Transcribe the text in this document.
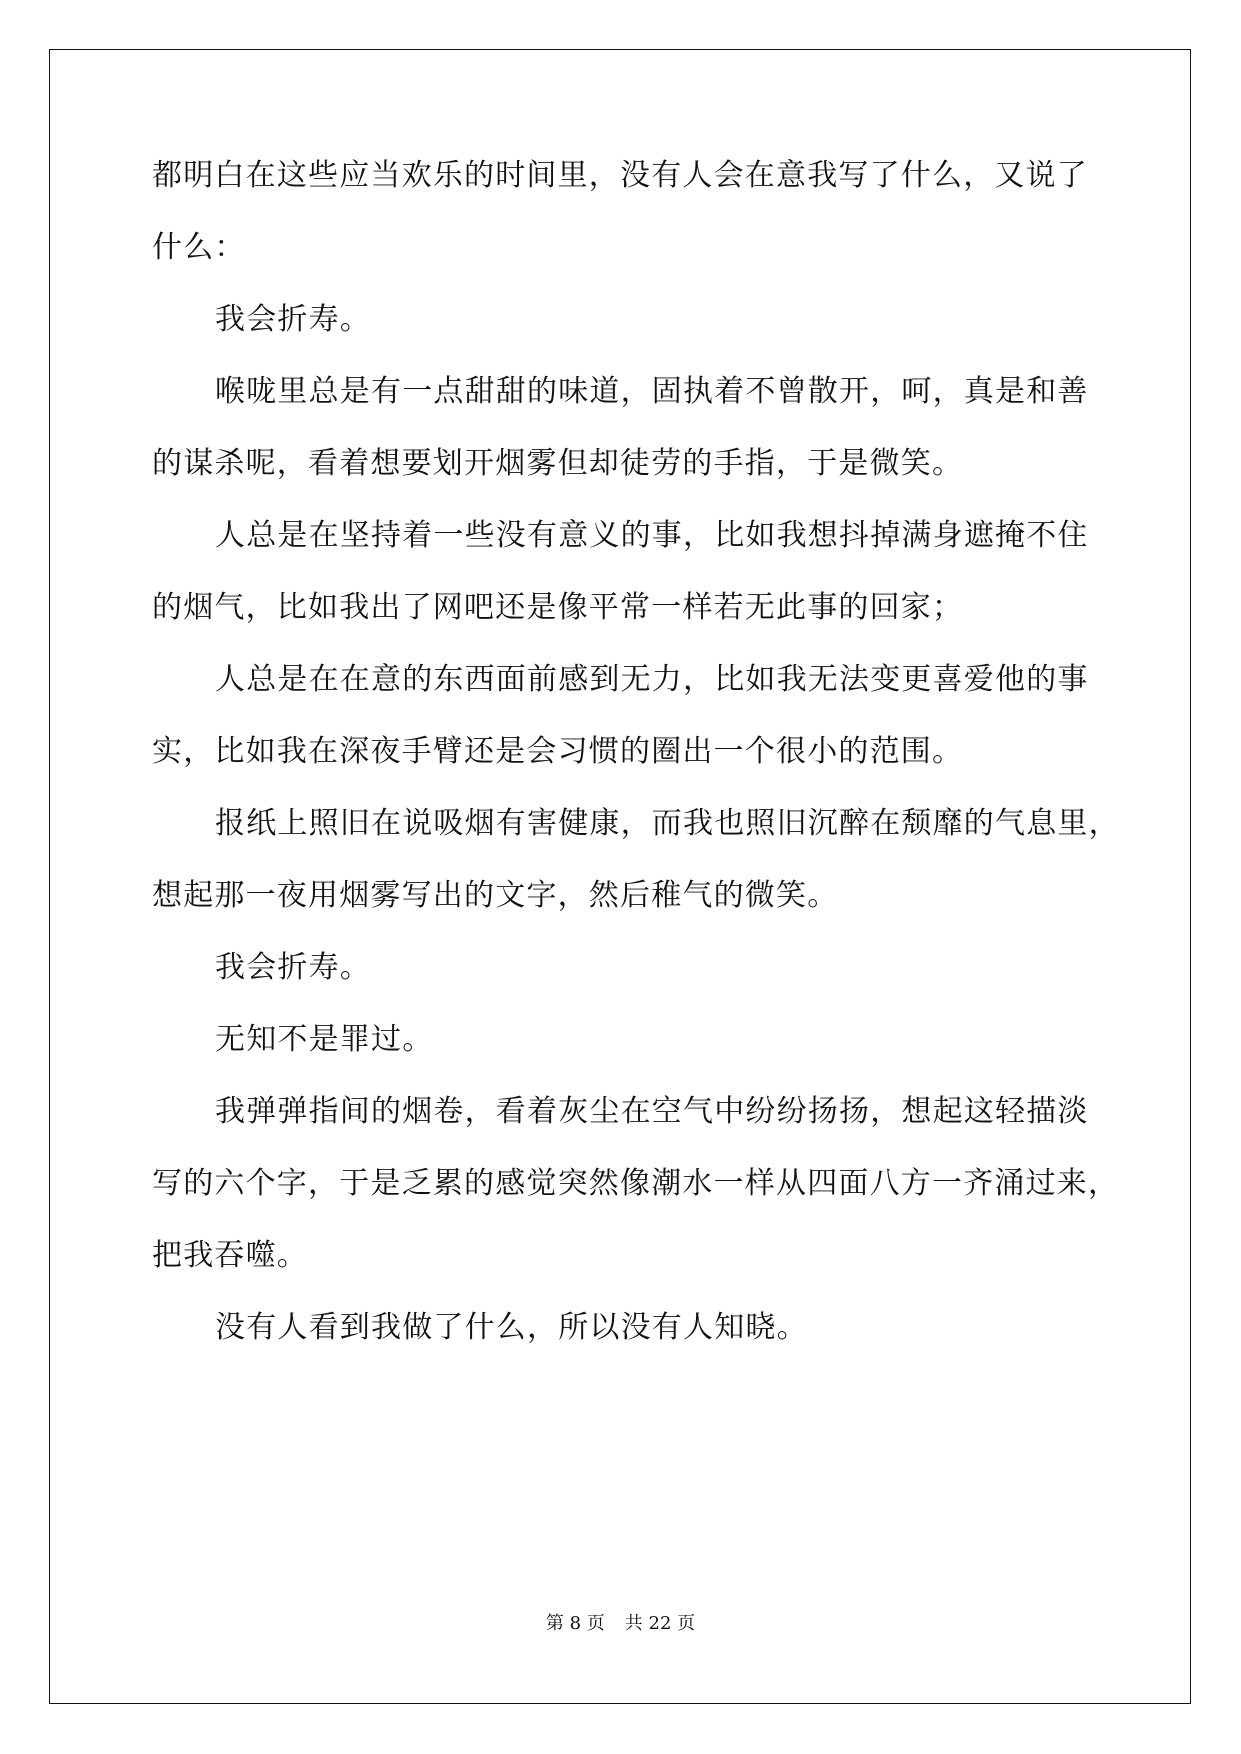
都明白在这些应当欢乐的时间里，没有人会在意我写了什么，又说了
什么：
我会折寿。
喉咙里总是有一点甜甜的味道，固执着不曾散开，呵，真是和善
的谋杀呢，看着想要划开烟雾但却徒劳的手指，于是微笑。
人总是在坚持着一些没有意义的事，比如我想抖掉满身遮掩不住
的烟气，比如我出了网吧还是像平常一样若无此事的回家；
人总是在在意的东西面前感到无力，比如我无法变更喜爱他的事
实，比如我在深夜手臂还是会习惯的圈出一个很小的范围。
报纸上照旧在说吸烟有害健康，而我也照旧沉醉在颓靡的气息里，
想起那一夜用烟雾写出的文字，然后稚气的微笑。
我会折寿。
无知不是罪过。
我弹弹指间的烟卷，看着灰尘在空气中纷纷扬扬，想起这轻描淡
写的六个字，于是乏累的感觉突然像潮水一样从四面八方一齐涌过来，
把我吞噬。
没有人看到我做了什么，所以没有人知晓。
第 8 页 共 22 页
